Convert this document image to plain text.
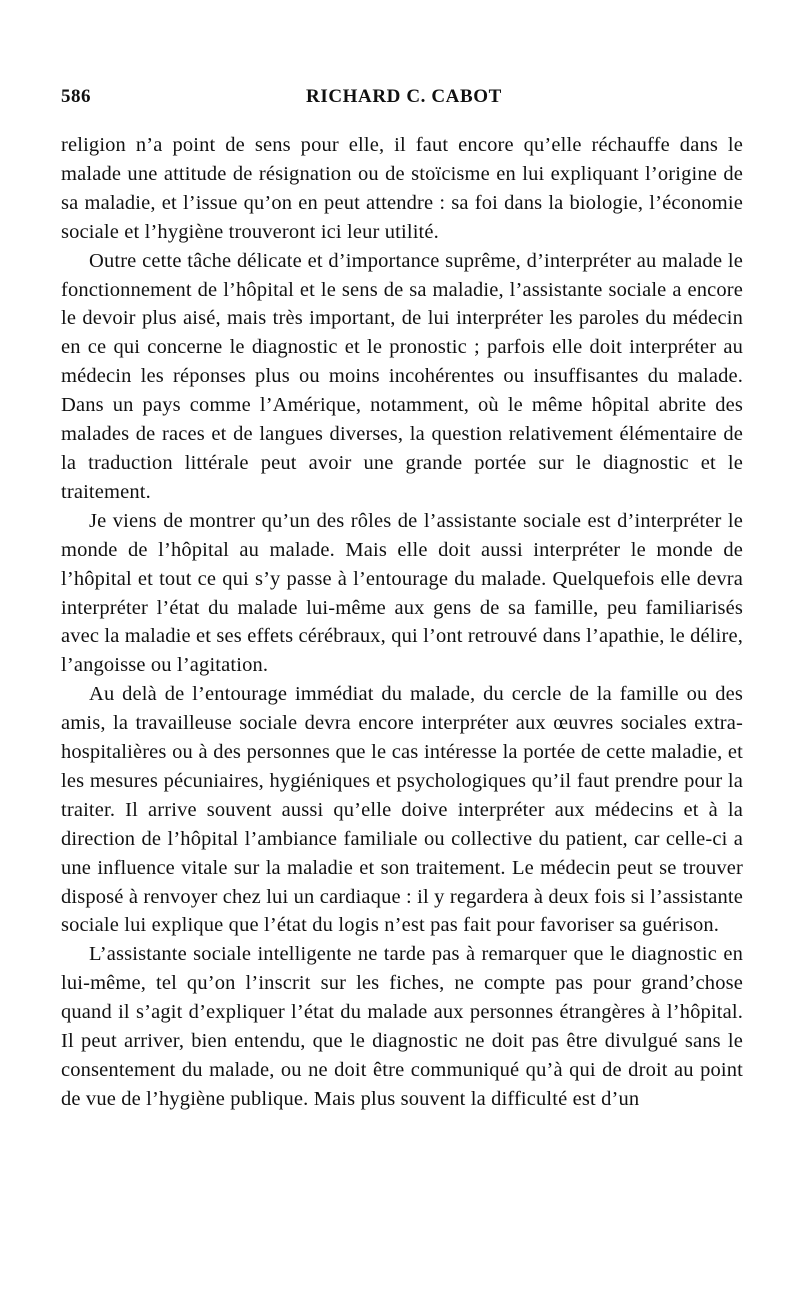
586	RICHARD C. CABOT

religion n’a point de sens pour elle, il faut encore qu’elle réchauffe dans le malade une attitude de résignation ou de stoïcisme en lui expliquant l’origine de sa maladie, et l’issue qu’on en peut attendre : sa foi dans la biologie, l’économie sociale et l’hygiène trouveront ici leur utilité.

Outre cette tâche délicate et d’importance suprême, d’interpréter au malade le fonctionnement de l’hôpital et le sens de sa maladie, l’assistante sociale a encore le devoir plus aisé, mais très important, de lui interpréter les paroles du médecin en ce qui concerne le diagnostic et le pronostic ; parfois elle doit interpréter au médecin les réponses plus ou moins incohérentes ou insuffisantes du malade. Dans un pays comme l’Amérique, notamment, où le même hôpital abrite des malades de races et de langues diverses, la question relativement élémentaire de la traduction littérale peut avoir une grande portée sur le diagnostic et le traitement.

Je viens de montrer qu’un des rôles de l’assistante sociale est d’interpréter le monde de l’hôpital au malade. Mais elle doit aussi interpréter le monde de l’hôpital et tout ce qui s’y passe à l’entourage du malade. Quelquefois elle devra interpréter l’état du malade lui-même aux gens de sa famille, peu familiarisés avec la maladie et ses effets cérébraux, qui l’ont retrouvé dans l’apathie, le délire, l’angoisse ou l’agitation.

Au delà de l’entourage immédiat du malade, du cercle de la famille ou des amis, la travailleuse sociale devra encore interpréter aux œuvres sociales extra-hospitalières ou à des personnes que le cas intéresse la portée de cette maladie, et les mesures pécuniaires, hygiéniques et psychologiques qu’il faut prendre pour la traiter. Il arrive souvent aussi qu’elle doive interpréter aux médecins et à la direction de l’hôpital l’ambiance familiale ou collective du patient, car celle-ci a une influence vitale sur la maladie et son traitement. Le médecin peut se trouver disposé à renvoyer chez lui un cardiaque : il y regardera à deux fois si l’assistante sociale lui explique que l’état du logis n’est pas fait pour favoriser sa guérison.

L’assistante sociale intelligente ne tarde pas à remarquer que le diagnostic en lui-même, tel qu’on l’inscrit sur les fiches, ne compte pas pour grand’chose quand il s’agit d’expliquer l’état du malade aux personnes étrangères à l’hôpital. Il peut arriver, bien entendu, que le diagnostic ne doit pas être divulgué sans le consentement du malade, ou ne doit être communiqué qu’à qui de droit au point de vue de l’hygiène publique. Mais plus souvent la difficulté est d’un
